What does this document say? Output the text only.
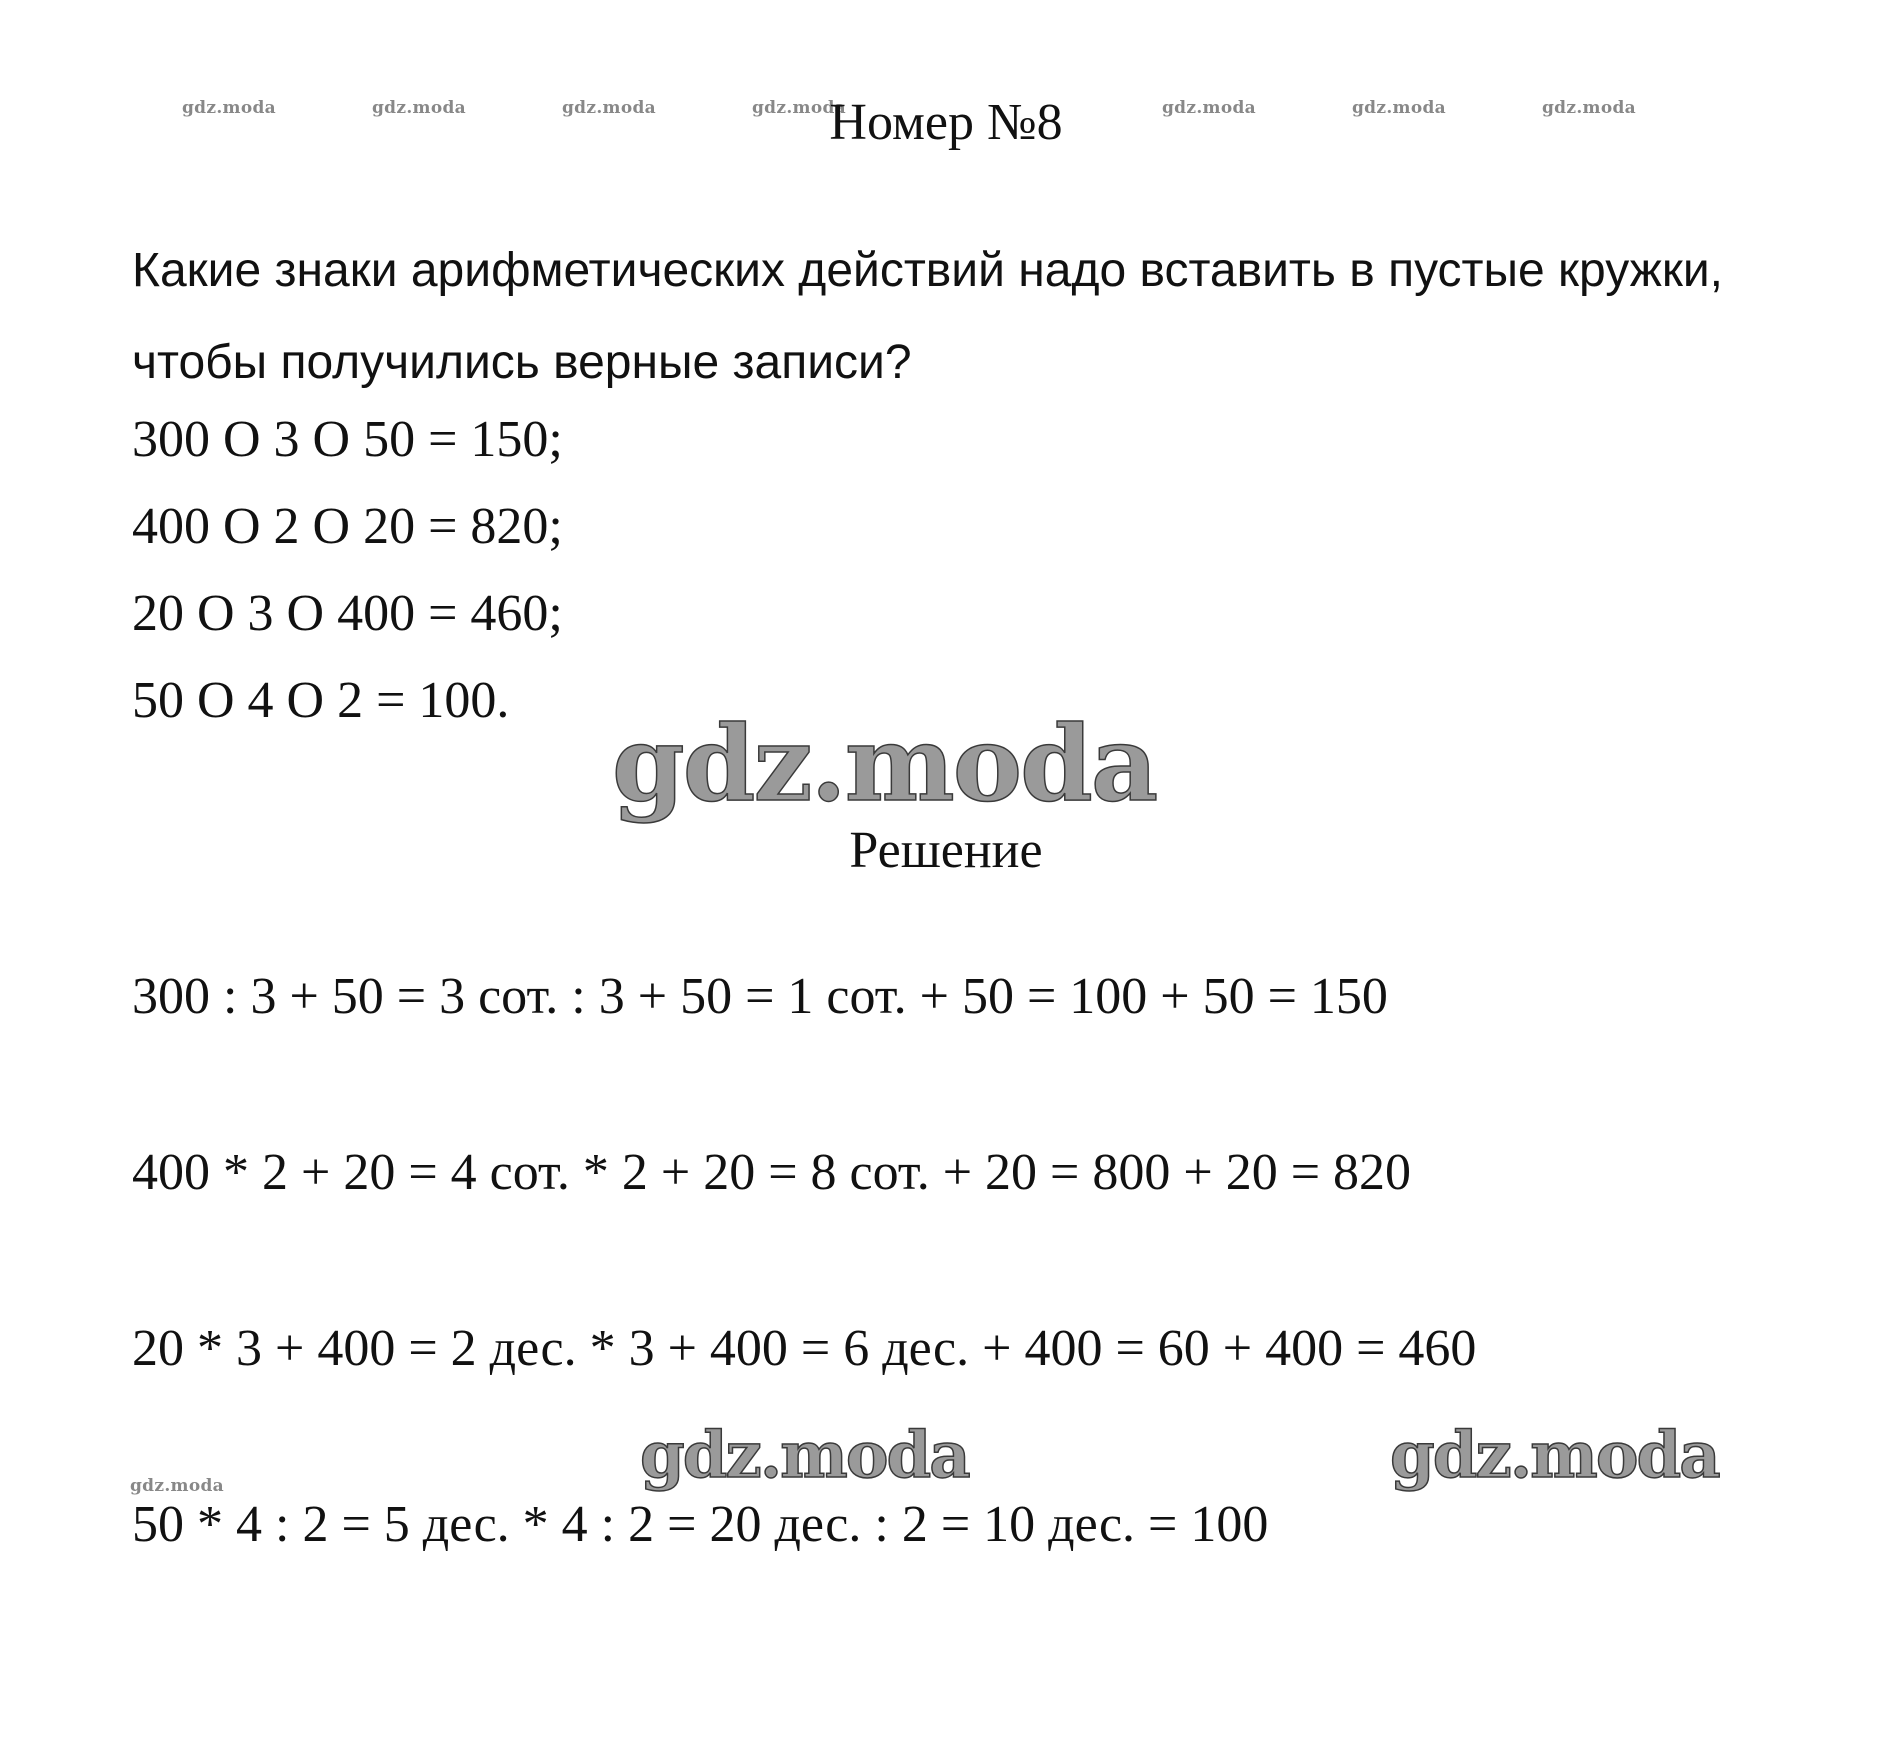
gdz.moda	gdz.moda	gdz.moda	gdz.moda	gdz.moda	gdz.moda	gdz.moda
Номер №8

Какие знаки арифметических действий надо вставить в пустые кружки, чтобы получились верные записи?

300 O 3 O 50 = 150;
400 O 2 O 20 = 820;
20 O 3 O 400 = 460;
50 O 4 O 2 = 100.
gdz.moda
Решение
300 : 3 + 50 = 3 сот. : 3 + 50 = 1 сот. + 50 = 100 + 50 = 150
400 * 2 + 20 = 4 сот. * 2 + 20 = 8 сот. + 20 = 800 + 20 = 820
20 * 3 + 400 = 2 дес. * 3 + 400 = 6 дес. + 400 = 60 + 400 = 460
gdz.moda	gdz.moda
gdz.moda
50 * 4 : 2 = 5 дес. * 4 : 2 = 20 дес. : 2 = 10 дес. = 100
